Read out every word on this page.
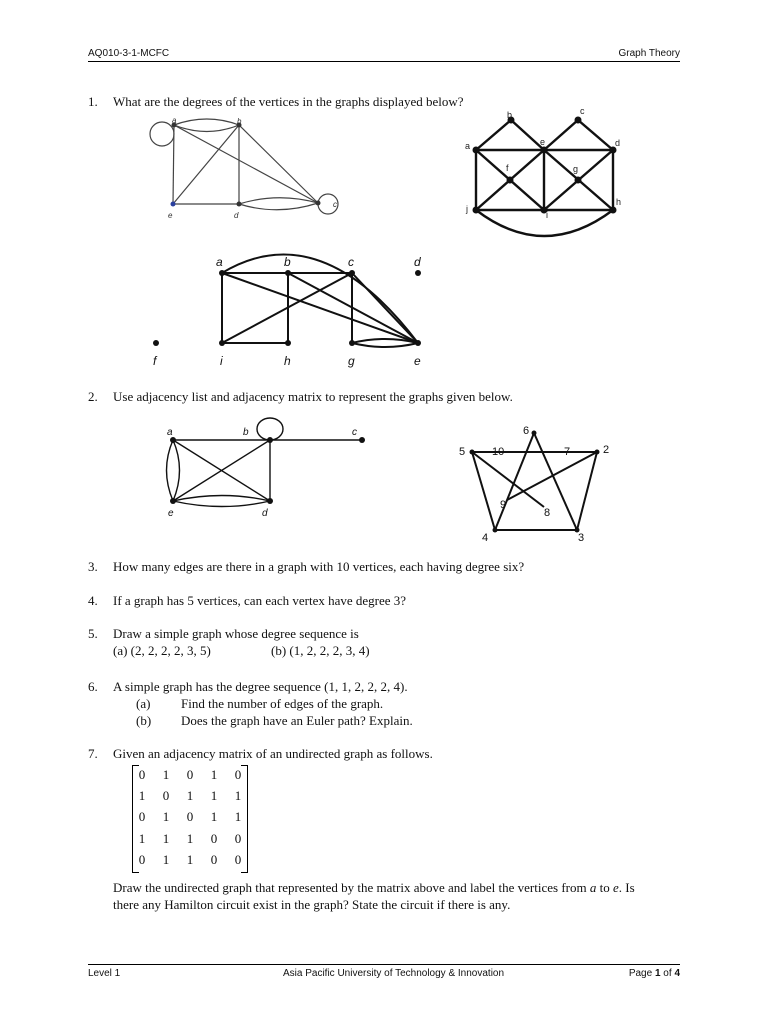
AQ010-3-1-MCFC	Graph Theory
1. What are the degrees of the vertices in the graphs displayed below?
a	b
e	d
c
b	c
a	e	d
f	g
h
j
i
a	b	c	d
f	i	h	g	e
2. Use adjacency list and adjacency matrix to represent the graphs given below.
a	b	c
e	d
6
5 10	7	2
9
8
4	3
3. How many edges are there in a graph with 10 vertices, each having degree six?
4. If a graph has 5 vertices, can each vertex have degree 3?
5. Draw a simple graph whose degree sequence is
(a) (2, 2, 2, 2, 3, 5)	(b) (1, 2, 2, 2, 3, 4)
6. A simple graph has the degree sequence (1, 1, 2, 2, 2, 4).
(a) Find the number of edges of the graph.
(b) Does the graph have an Euler path? Explain.
7. Given an adjacency matrix of an undirected graph as follows.
0 1 0 1 0
1 0 1 1 1
0 1 0 1 1
1 1 1 0 0
0 1 1 0 0
Draw the undirected graph that represented by the matrix above and label the vertices from a to e. Is
there any Hamilton circuit exist in the graph? State the circuit if there is any.
Level 1	Asia Pacific University of Technology & Innovation	Page 1 of 4
